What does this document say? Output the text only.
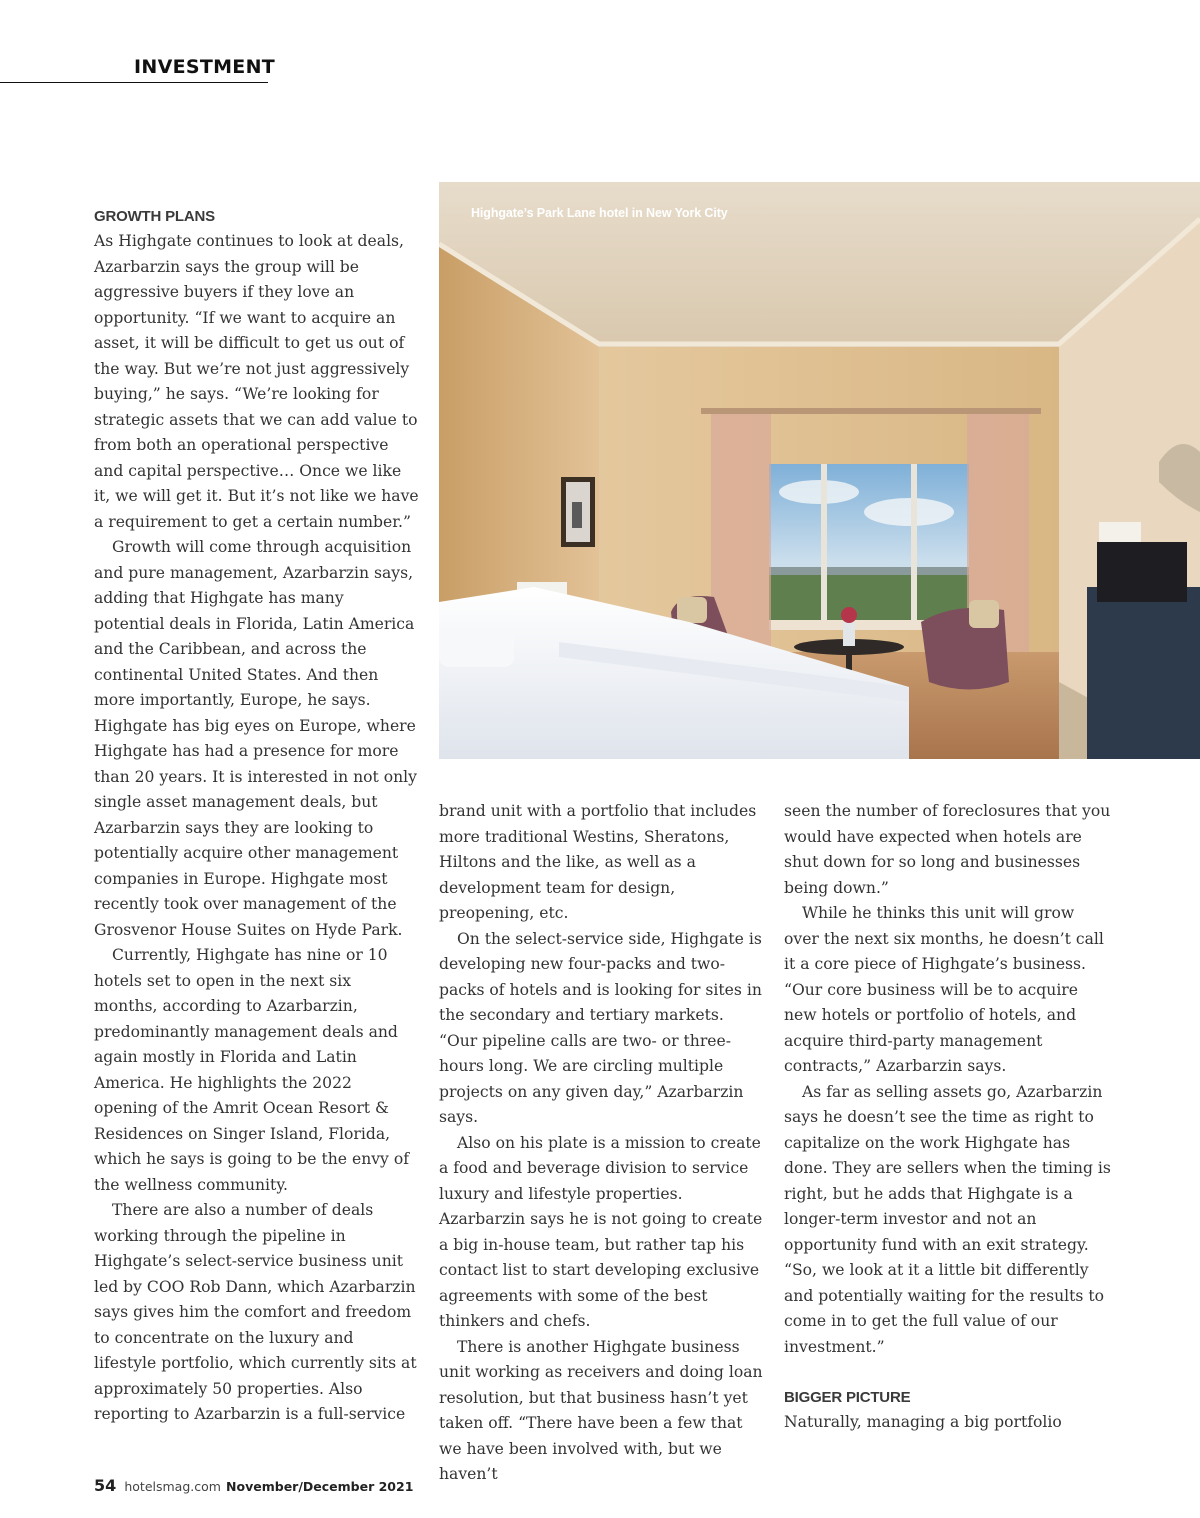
INVESTMENT
GROWTH PLANS

As Highgate continues to look at deals, Azarbarzin says the group will be aggressive buyers if they love an opportunity. “If we want to acquire an asset, it will be difficult to get us out of the way. But we’re not just aggressively buying,” he says. “We’re looking for strategic assets that we can add value to from both an operational perspective and capital perspective… Once we like it, we will get it. But it’s not like we have a requirement to get a certain number.”

Growth will come through acquisition and pure management, Azarbarzin says, adding that Highgate has many potential deals in Florida, Latin America and the Caribbean, and across the continental United States. And then more importantly, Europe, he says. Highgate has big eyes on Europe, where Highgate has had a presence for more than 20 years. It is interested in not only single asset management deals, but Azarbarzin says they are looking to potentially acquire other management companies in Europe. Highgate most recently took over management of the Grosvenor House Suites on Hyde Park.

Currently, Highgate has nine or 10 hotels set to open in the next six months, according to Azarbarzin, predominantly management deals and again mostly in Florida and Latin America. He highlights the 2022 opening of the Amrit Ocean Resort & Residences on Singer Island, Florida, which he says is going to be the envy of the wellness community.

There are also a number of deals working through the pipeline in Highgate’s select-service business unit led by COO Rob Dann, which Azarbarzin says gives him the comfort and freedom to concentrate on the luxury and lifestyle portfolio, which currently sits at approximately 50 properties. Also reporting to Azarbarzin is a full-service

Highgate’s Park Lane hotel in New York City

brand unit with a portfolio that includes more traditional Westins, Sheratons, Hiltons and the like, as well as a development team for design, preopening, etc.

On the select-service side, Highgate is developing new four-packs and two-packs of hotels and is looking for sites in the secondary and tertiary markets. “Our pipeline calls are two- or three-hours long. We are circling multiple projects on any given day,” Azarbarzin says.

Also on his plate is a mission to create a food and beverage division to service luxury and lifestyle properties. Azarbarzin says he is not going to create a big in-house team, but rather tap his contact list to start developing exclusive agreements with some of the best thinkers and chefs.

There is another Highgate business unit working as receivers and doing loan resolution, but that business hasn’t yet taken off. “There have been a few that we have been involved with, but we haven’t

seen the number of foreclosures that you would have expected when hotels are shut down for so long and businesses being down.”

While he thinks this unit will grow over the next six months, he doesn’t call it a core piece of Highgate’s business. “Our core business will be to acquire new hotels or portfolio of hotels, and acquire third-party management contracts,” Azarbarzin says.

As far as selling assets go, Azarbarzin says he doesn’t see the time as right to capitalize on the work Highgate has done. They are sellers when the timing is right, but he adds that Highgate is a longer-term investor and not an opportunity fund with an exit strategy. “So, we look at it a little bit differently and potentially waiting for the results to come in to get the full value of our investment.”

BIGGER PICTURE

Naturally, managing a big portfolio

54 hotelsmag.com November/December 2021
